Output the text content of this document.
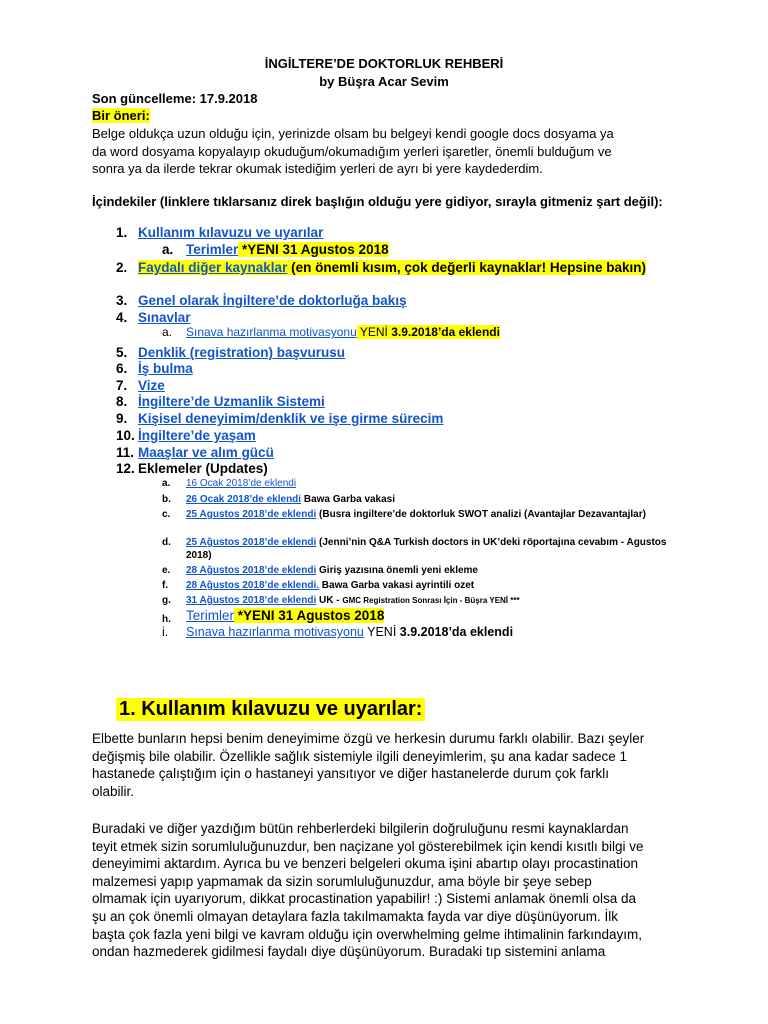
İNGİLTERE’DE DOKTORLUK REHBERİ
by Büşra Acar Sevim
Son güncelleme: 17.9.2018
Bir öneri:
Belge oldukça uzun olduğu için, yerinizde olsam bu belgeyi kendi google docs dosyama ya
da word dosyama kopyalayıp okuduğum/okumadığım yerleri işaretler, önemli bulduğum ve
sonra ya da ilerde tekrar okumak istediğim yerleri de ayrı bi yere kaydederdim.
İçindekiler (linklere tıklarsanız direk başlığın olduğu yere gidiyor, sırayla gitmeniz şart değil):
1. Kullanım kılavuzu ve uyarılar
a. Terimler *YENI 31 Agustos 2018
2. Faydalı diğer kaynaklar (en önemli kısım, çok değerli kaynaklar! Hepsine bakın)
3. Genel olarak İngiltere’de doktorluğa bakış
4. Sınavlar
a. Sınava hazırlanma motivasyonu YENİ 3.9.2018’da eklendi
5. Denklik (registration) başvurusu
6. İş bulma
7. Vize
8. İngiltere’de Uzmanlik Sistemi
9. Kişisel deneyimim/denklik ve işe girme sürecim
10. İngiltere’de yaşam
11. Maaşlar ve alım gücü
12. Eklemeler (Updates)
a. 16 Ocak 2018’de eklendi
b. 26 Ocak 2018’de eklendi Bawa Garba vakasi
c. 25 Agustos 2018’de eklendi (Busra ingiltere’de doktorluk SWOT analizi (Avantajlar Dezavantajlar)
d. 25 Ağustos 2018’de eklendi (Jenni’nin Q&A Turkish doctors in UK’deki röportajına cevabım - Agustos 2018)
e. 28 Ağustos 2018’de eklendi Giriş yazısına önemli yeni ekleme
f. 28 Ağustos 2018’de eklendi. Bawa Garba vakasi ayrintili ozet
g. 31 Ağustos 2018’de eklendi UK - GMC Registration Sonrası İçin - Büşra YENİ ***
h. Terimler *YENI 31 Agustos 2018
i. Sınava hazırlanma motivasyonu YENİ 3.9.2018’da eklendi
1. Kullanım kılavuzu ve uyarılar:
Elbette bunların hepsi benim deneyimime özgü ve herkesin durumu farklı olabilir. Bazı şeyler
değişmiş bile olabilir. Özellikle sağlık sistemiyle ilgili deneyimlerim, şu ana kadar sadece 1
hastanede çalıştığım için o hastaneyi yansıtıyor ve diğer hastanelerde durum çok farklı
olabilir.
Buradaki ve diğer yazdığım bütün rehberlerdeki bilgilerin doğruluğunu resmi kaynaklardan
teyit etmek sizin sorumluluğunuzdur, ben naçizane yol gösterebilmek için kendi kısıtlı bilgi ve
deneyimimi aktardım. Ayrıca bu ve benzeri belgeleri okuma işini abartıp olayı procastination
malzemesi yapıp yapmamak da sizin sorumluluğunuzdur, ama böyle bir şeye sebep
olmamak için uyarıyorum, dikkat procastination yapabilir! :) Sistemi anlamak önemli olsa da
şu an çok önemli olmayan detaylara fazla takılmamakta fayda var diye düşünüyorum. İlk
başta çok fazla yeni bilgi ve kavram olduğu için overwhelming gelme ihtimalinin farkındayım,
ondan hazmederek gidilmesi faydalı diye düşünüyorum. Buradaki tıp sistemini anlama
